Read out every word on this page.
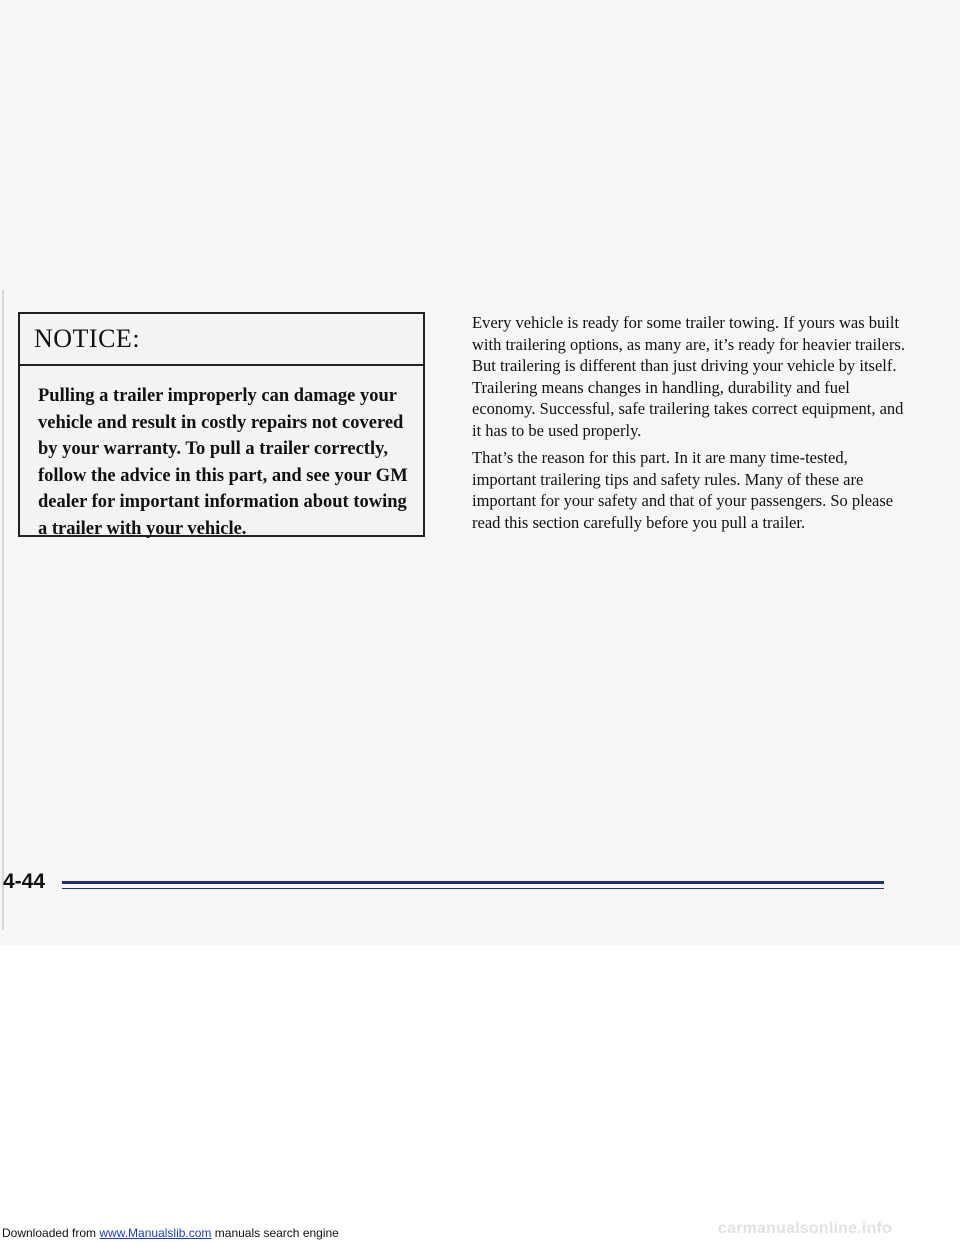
NOTICE:
Pulling a trailer improperly can damage your vehicle and result in costly repairs not covered by your warranty. To pull a trailer correctly, follow the advice in this part, and see your GM dealer for important information about towing a trailer with your vehicle.

Every vehicle is ready for some trailer towing. If yours was built with trailering options, as many are, it’s ready for heavier trailers. But trailering is different than just driving your vehicle by itself. Trailering means changes in handling, durability and fuel economy. Successful, safe trailering takes correct equipment, and it has to be used properly.

That’s the reason for this part. In it are many time-tested, important trailering tips and safety rules. Many of these are important for your safety and that of your passengers. So please read this section carefully before you pull a trailer.

4-44
Downloaded from www.Manualslib.com manuals search engine	carmanualsonline.info
